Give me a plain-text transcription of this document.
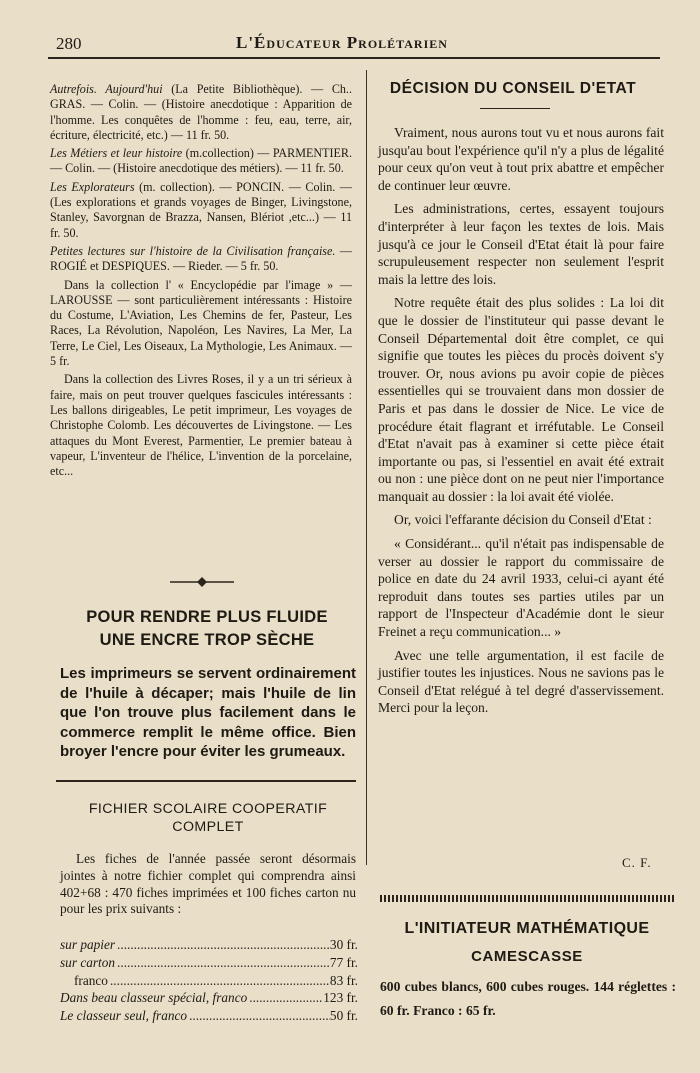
280	L'Éducateur Prolétarien

Autrefois. Aujourd'hui (La Petite Bibliothèque). — Ch.. GRAS. — Colin. — (Histoire anecdotique : Apparition de l'homme. Les conquêtes de l'homme : feu, eau, terre, air, écriture, électricité, etc.) — 11 fr. 50.

Les Métiers et leur histoire (m.collection) — PARMENTIER. — Colin. — (Histoire anecdotique des métiers). — 11 fr. 50.

Les Explorateurs (m. collection). — PONCIN. — Colin. — (Les explorations et grands voyages de Binger, Livingstone, Stanley, Savorgnan de Brazza, Nansen, Blériot ,etc...) — 11 fr. 50.

Petites lectures sur l'histoire de la Civilisation française. — ROGIÉ et DESPIQUES. — Rieder. — 5 fr. 50.

Dans la collection l' « Encyclopédie par l'image » — LAROUSSE — sont particulièrement intéressants : Histoire du Costume, L'Aviation, Les Chemins de fer, Pasteur, Les Races, La Révolution, Napoléon, Les Navires, La Mer, La Terre, Le Ciel, Les Oiseaux, La Mythologie, Les Animaux. — 5 fr.

Dans la collection des Livres Roses, il y a un tri sérieux à faire, mais on peut trouver quelques fascicules intéressants : Les ballons dirigeables, Le petit imprimeur, Les voyages de Christophe Colomb. Les découvertes de Livingstone. — Les attaques du Mont Everest, Parmentier, Le premier bateau à vapeur, L'inventeur de l'hélice, L'invention de la porcelaine, etc...

POUR RENDRE PLUS FLUIDE
UNE ENCRE TROP SÈCHE
Les imprimeurs se servent ordinairement de l'huile à décaper; mais l'huile de lin que l'on trouve plus facilement dans le commerce remplit le même office. Bien broyer l'encre pour éviter les grumeaux.
FICHIER SCOLAIRE COOPERATIF
COMPLET
Les fiches de l'année passée seront désormais jointes à notre fichier complet qui comprendra ainsi 402+68 : 470 fiches imprimées et 100 fiches carton nu pour les prix suivants :
sur papier .....	30 fr.
sur carton .....	77 fr.
franco .....	83 fr.
Dans beau classeur spécial, franco .....	123 fr.
Le classeur seul, franco .....	50 fr.
DÉCISION DU CONSEIL D'ETAT

Vraiment, nous aurons tout vu et nous aurons fait jusqu'au bout l'expérience qu'il n'y a plus de légalité pour ceux qu'on veut à tout prix abattre et empêcher de continuer leur œuvre.

Les administrations, certes, essayent toujours d'interpréter à leur façon les textes de lois. Mais jusqu'à ce jour le Conseil d'Etat était là pour faire scrupuleusement respecter non seulement l'esprit mais la lettre des lois.

Notre requête était des plus solides : La loi dit que le dossier de l'instituteur qui passe devant le Conseil Départemental doit être complet, ce qui signifie que toutes les pièces du procès doivent s'y trouver. Or, nous avions pu avoir copie de pièces essentielles qui se trouvaient dans mon dossier de Paris et pas dans le dossier de Nice. Le vice de procédure était flagrant et irréfutable. Le Conseil d'Etat n'avait pas à examiner si cette pièce était importante ou pas, si l'essentiel en avait été extrait ou non : une pièce dont on ne peut nier l'importance manquait au dossier : la loi avait été violée.

Or, voici l'effarante décision du Conseil d'Etat :

« Considérant... qu'il n'était pas indispensable de verser au dossier le rapport du commissaire de police en date du 24 avril 1933, celui-ci ayant été reproduit dans toutes ses parties utiles par un rapport de l'Inspecteur d'Académie dont le sieur Freinet a reçu communication... »

Avec une telle argumentation, il est facile de justifier toutes les injustices. Nous ne savions pas le Conseil d'Etat relégué à tel degré d'asservissement. Merci pour la leçon.

C. F.
L'INITIATEUR MATHÉMATIQUE
CAMESCASSE
600 cubes blancs, 600 cubes rouges. 144 réglettes : 60 fr. Franco : 65 fr.
